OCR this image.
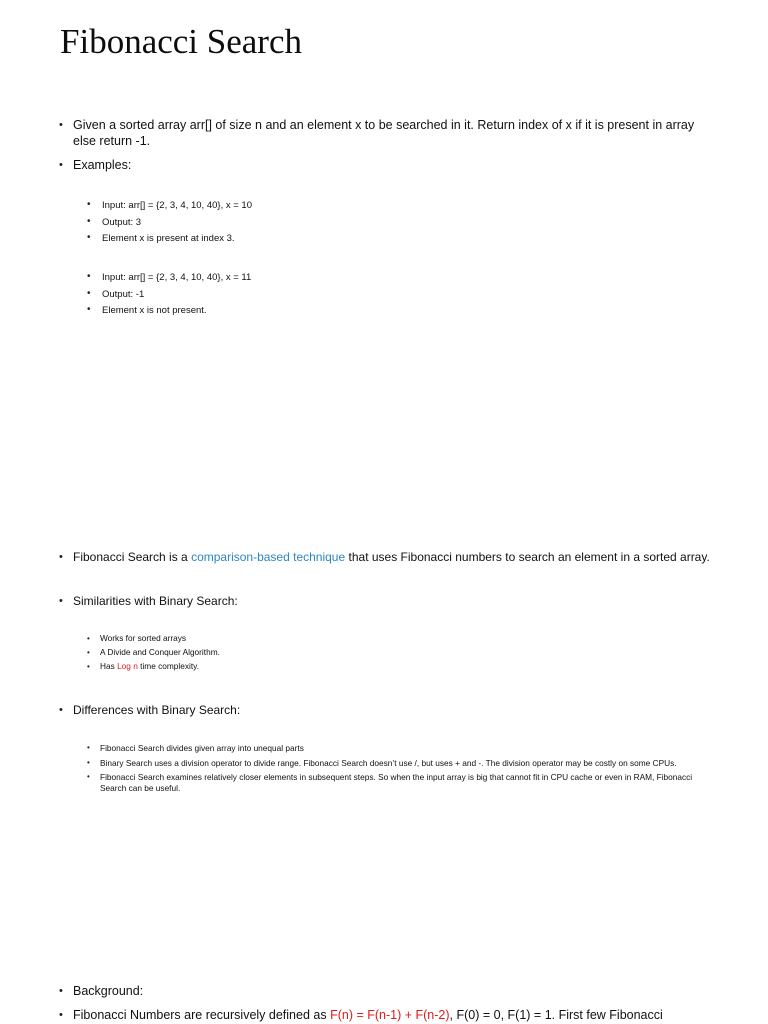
Fibonacci Search
• Given a sorted array arr[] of size n and an element x to be searched in it. Return index of x if it is present in array else return -1.
• Examples:
• Input: arr[] = {2, 3, 4, 10, 40}, x = 10
• Output: 3
• Element x is present at index 3.
• Input: arr[] = {2, 3, 4, 10, 40}, x = 11
• Output: -1
• Element x is not present.
• Fibonacci Search is a comparison-based technique that uses Fibonacci numbers to search an element in a sorted array.
• Similarities with Binary Search:
• Works for sorted arrays
• A Divide and Conquer Algorithm.
• Has Log n time complexity.
• Differences with Binary Search:
• Fibonacci Search divides given array into unequal parts
• Binary Search uses a division operator to divide range. Fibonacci Search doesn’t use /, but uses + and -. The division operator may be costly on some CPUs.
• Fibonacci Search examines relatively closer elements in subsequent steps. So when the input array is big that cannot fit in CPU cache or even in RAM, Fibonacci Search can be useful.
• Background:
• Fibonacci Numbers are recursively defined as F(n) = F(n-1) + F(n-2), F(0) = 0, F(1) = 1. First few Fibonacci
